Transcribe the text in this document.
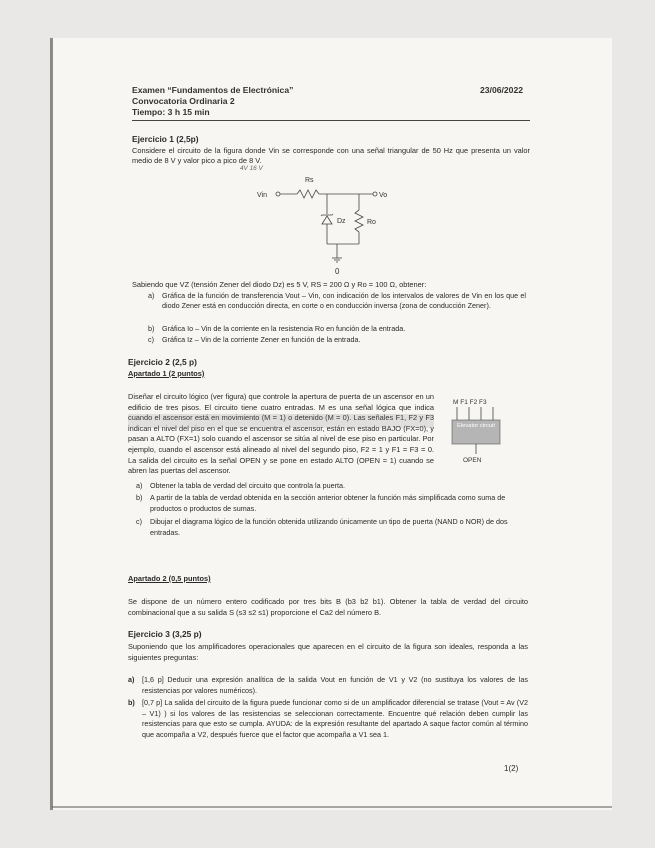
Examen “Fundamentos de Electrónica”
Convocatoria Ordinaria 2
Tiempo: 3 h 15 min
23/06/2022
Ejercicio 1 (2,5p)
Considere el circuito de la figura donde Vin se corresponde con una señal triangular de 50 Hz que presenta un valor medio de 8 V y valor pico a pico de 8 V.
4V 16 V
Rs
Vin	Vo
Dz	Ro
0
Sabiendo que VZ (tensión Zener del diodo Dz) es 5 V, RS = 200 Ω y Ro = 100 Ω, obtener:
a) Gráfica de la función de transferencia Vout – Vin, con indicación de los intervalos de valores de Vin en los que el diodo Zener está en conducción directa, en corte o en conducción inversa (zona de conducción Zener).
b) Gráfica Io – Vin de la corriente en la resistencia Ro en función de la entrada.
c) Gráfica Iz – Vin de la corriente Zener en función de la entrada.
Ejercicio 2 (2,5 p)
Apartado 1 (2 puntos)
Diseñar el circuito lógico (ver figura) que controle la apertura de puerta de un ascensor en un edificio de tres pisos. El circuito tiene cuatro entradas. M es una señal lógica que indica cuando el ascensor está en movimiento (M = 1) o detenido (M = 0). Las señales F1, F2 y F3 indican el nivel del piso en el que se encuentra el ascensor, están en estado BAJO (FX=0), y pasan a ALTO (FX=1) solo cuando el ascensor se sitúa al nivel de ese piso en particular. Por ejemplo, cuando el ascensor está alineado al nivel del segundo piso, F2 = 1 y F1 = F3 = 0. La salida del circuito es la señal OPEN y se pone en estado ALTO (OPEN = 1) cuando se abren las puertas del ascensor.
M F1 F2 F3
Elevator circuit
OPEN
a) Obtener la tabla de verdad del circuito que controla la puerta.
b) A partir de la tabla de verdad obtenida en la sección anterior obtener la función más simplificada como suma de productos o productos de sumas.
c) Dibujar el diagrama lógico de la función obtenida utilizando únicamente un tipo de puerta (NAND o NOR) de dos entradas.
Apartado 2 (0,5 puntos)
Se dispone de un número entero codificado por tres bits B (b3 b2 b1). Obtener la tabla de verdad del circuito combinacional que a su salida S (s3 s2 s1) proporcione el Ca2 del número B.
Ejercicio 3 (3,25 p)
Suponiendo que los amplificadores operacionales que aparecen en el circuito de la figura son ideales, responda a las siguientes preguntas:
a) [1,6 p] Deducir una expresión analítica de la salida Vout en función de V1 y V2 (no sustituya los valores de las resistencias por valores numéricos).
b) [0,7 p] La salida del circuito de la figura puede funcionar como si de un amplificador diferencial se tratase (Vout = Av (V2 – V1) ) si los valores de las resistencias se seleccionan correctamente. Encuentre qué relación deben cumplir las resistencias para que esto se cumpla. AYUDA: de la expresión resultante del apartado A saque factor común al término que acompaña a V2, después fuerce que el factor que acompaña a V1 sea 1.
1(2)
